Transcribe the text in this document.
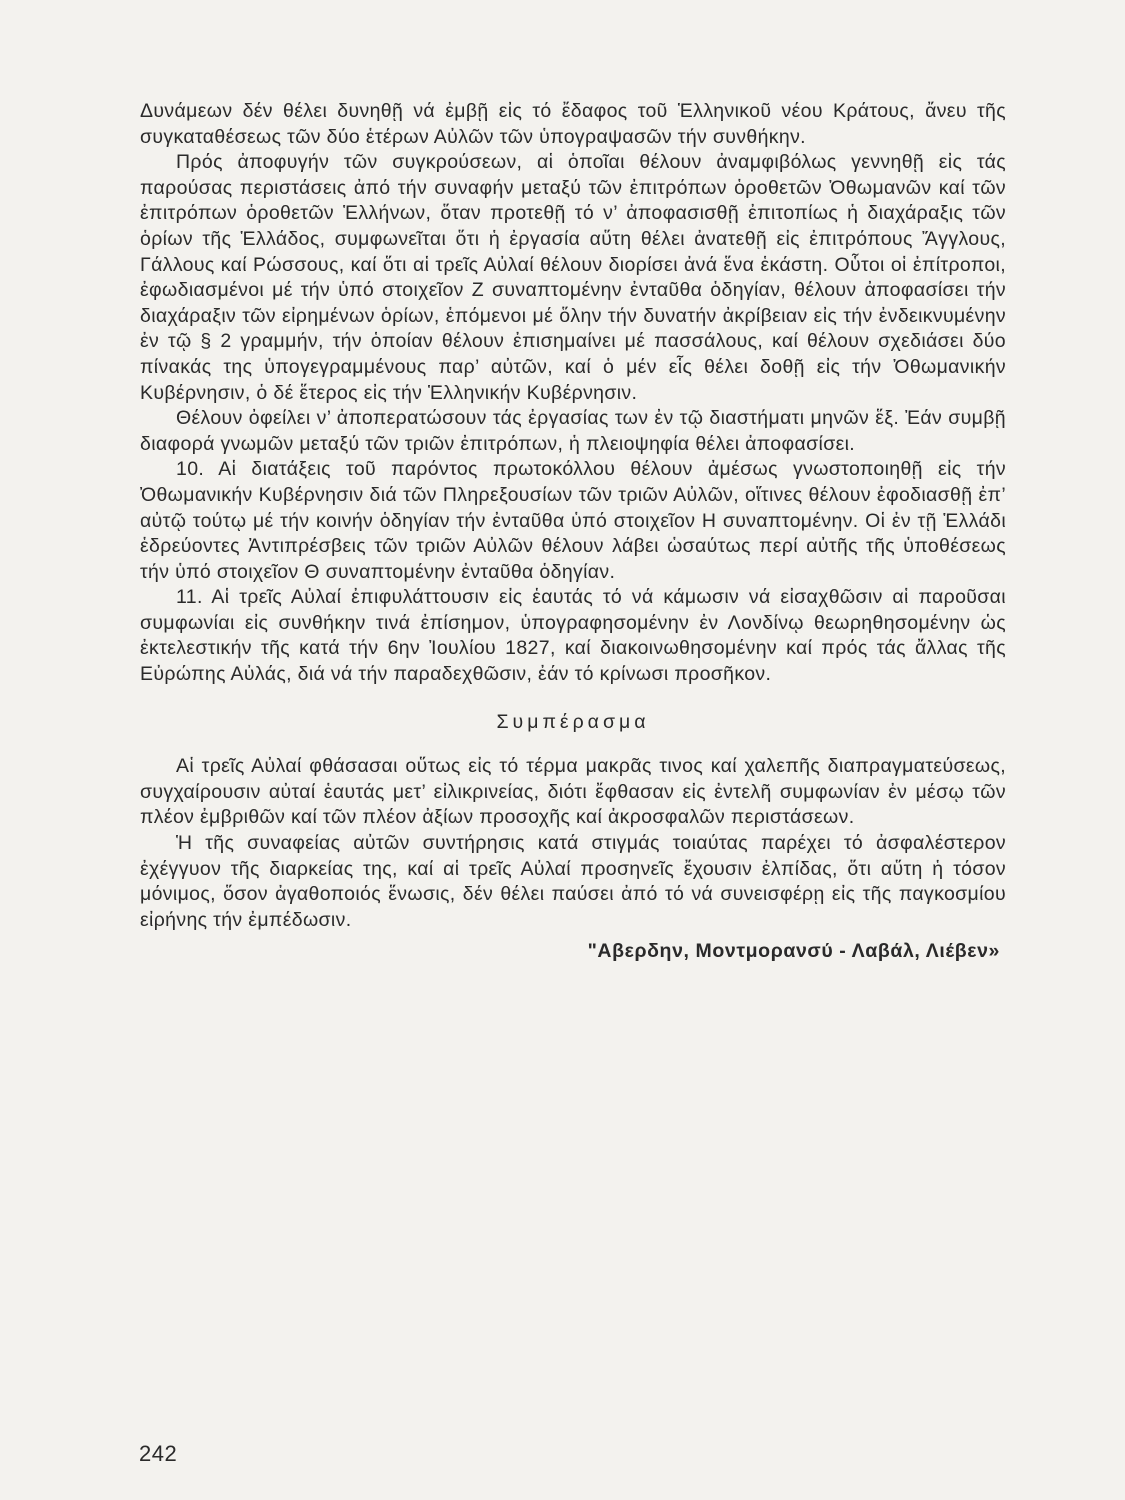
Δυνάμεων δέν θέλει δυνηθῇ νά ἐμβῇ εἰς τό ἔδαφος τοῦ Ἑλληνικοῦ νέου Κράτους, ἄνευ τῆς συγκαταθέσεως τῶν δύο ἑτέρων Αὐλῶν τῶν ὑπογραψασῶν τήν συνθήκην.

Πρός ἀποφυγήν τῶν συγκρούσεων, αἱ ὁποῖαι θέλουν ἀναμφιβόλως γεννηθῇ εἰς τάς παρούσας περιστάσεις ἀπό τήν συναφήν μεταξύ τῶν ἐπιτρόπων ὁροθετῶν Ὀθωμανῶν καί τῶν ἐπιτρόπων ὁροθετῶν Ἑλλήνων, ὅταν προτεθῇ τό ν’ ἀποφασισθῇ ἐπιτοπίως ἡ διαχάραξις τῶν ὁρίων τῆς Ἑλλάδος, συμφωνεῖται ὅτι ἡ ἐργασία αὕτη θέλει ἀνατεθῇ εἰς ἐπιτρόπους Ἄγγλους, Γάλλους καί Ρώσσους, καί ὅτι αἱ τρεῖς Αὐλαί θέλουν διορίσει ἀνά ἕνα ἑκάστη. Οὗτοι οἱ ἐπίτροποι, ἐφωδιασμένοι μέ τήν ὑπό στοιχεῖον Ζ συναπτομένην ἐνταῦθα ὁδηγίαν, θέλουν ἀποφασίσει τήν διαχάραξιν τῶν εἰρημένων ὁρίων, ἑπόμενοι μέ ὅλην τήν δυνατήν ἀκρίβειαν εἰς τήν ἐνδεικνυμένην ἐν τῷ § 2 γραμμήν, τήν ὁποίαν θέλουν ἐπισημαίνει μέ πασσάλους, καί θέλουν σχεδιάσει δύο πίνακάς της ὑπογεγραμμένους παρ’ αὐτῶν, καί ὁ μέν εἷς θέλει δοθῇ εἰς τήν Ὀθωμανικήν Κυβέρνησιν, ὁ δέ ἕτερος εἰς τήν Ἑλληνικήν Κυβέρνησιν.

Θέλουν ὀφείλει ν’ ἀποπερατώσουν τάς ἐργασίας των ἐν τῷ διαστήματι μηνῶν ἕξ. Ἐάν συμβῇ διαφορά γνωμῶν μεταξύ τῶν τριῶν ἐπιτρόπων, ἡ πλειοψηφία θέλει ἀποφασίσει.

10. Αἱ διατάξεις τοῦ παρόντος πρωτοκόλλου θέλουν ἀμέσως γνωστοποιηθῇ εἰς τήν Ὀθωμανικήν Κυβέρνησιν διά τῶν Πληρεξουσίων τῶν τριῶν Αὐλῶν, οἵτινες θέλουν ἐφοδιασθῇ ἐπ’ αὐτῷ τούτῳ μέ τήν κοινήν ὁδηγίαν τήν ἐνταῦθα ὑπό στοιχεῖον Η συναπτομένην. Οἱ ἐν τῇ Ἑλλάδι ἑδρεύοντες Ἀντιπρέσβεις τῶν τριῶν Αὐλῶν θέλουν λάβει ὡσαύτως περί αὐτῆς τῆς ὑποθέσεως τήν ὑπό στοιχεῖον Θ συναπτομένην ἐνταῦθα ὁδηγίαν.

11. Αἱ τρεῖς Αὐλαί ἐπιφυλάττουσιν εἰς ἑαυτάς τό νά κάμωσιν νά εἰσαχθῶσιν αἱ παροῦσαι συμφωνίαι εἰς συνθήκην τινά ἐπίσημον, ὑπογραφησομένην ἐν Λονδίνῳ θεωρηθησομένην ὡς ἐκτελεστικήν τῆς κατά τήν 6ην Ἰουλίου 1827, καί διακοινωθησομένην καί πρός τάς ἄλλας τῆς Εὐρώπης Αὐλάς, διά νά τήν παραδεχθῶσιν, ἐάν τό κρίνωσι προσῆκον.

Συμπέρασμα

Αἱ τρεῖς Αὐλαί φθάσασαι οὕτως εἰς τό τέρμα μακρᾶς τινος καί χαλεπῆς διαπραγματεύσεως, συγχαίρουσιν αὐταί ἑαυτάς μετ’ εἰλικρινείας, διότι ἔφθασαν εἰς ἐντελῆ συμφωνίαν ἐν μέσῳ τῶν πλέον ἐμβριθῶν καί τῶν πλέον ἀξίων προσοχῆς καί ἀκροσφαλῶν περιστάσεων.

Ἡ τῆς συναφείας αὐτῶν συντήρησις κατά στιγμάς τοιαύτας παρέχει τό ἀσφαλέστερον ἐχέγγυον τῆς διαρκείας της, καί αἱ τρεῖς Αὐλαί προσηνεῖς ἔχουσιν ἐλπίδας, ὅτι αὕτη ἡ τόσον μόνιμος, ὅσον ἀγαθοποιός ἕνωσις, δέν θέλει παύσει ἀπό τό νά συνεισφέρῃ εἰς τῆς παγκοσμίου εἰρήνης τήν ἐμπέδωσιν.

"Αβερδην, Μοντμορανσύ - Λαβάλ, Λιέβεν»

242
